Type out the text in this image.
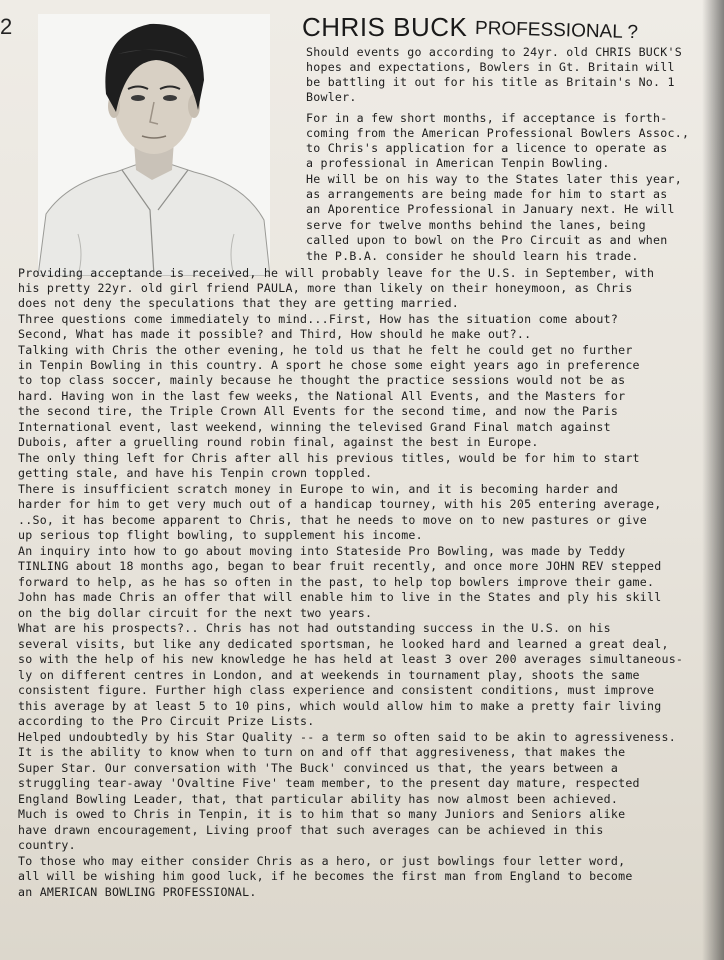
2	CHRIS BUCK PROFESSIONAL ?
Should events go according to 24yr. old CHRIS BUCK'S
hopes and expectations, Bowlers in Gt. Britain will
be battling it out for his title as Britain's No. 1
Bowler.
For in a few short months, if acceptance is forth-
coming from the American Professional Bowlers Assoc.,
to Chris's application for a licence to operate as
a professional in American Tenpin Bowling.
He will be on his way to the States later this year,
as arrangements are being made for him to start as
an Aporentice Professional in January next. He will
serve for twelve months behind the lanes, being
called upon to bowl on the Pro Circuit as and when
the P.B.A. consider he should learn his trade.
Providing acceptance is received, he will probably leave for the U.S. in September, with
his pretty 22yr. old girl friend PAULA, more than likely on their honeymoon, as Chris
does not deny the speculations that they are getting married.
Three questions come immediately to mind...First, How has the situation come about?
Second, What has made it possible? and Third, How should he make out?..
Talking with Chris the other evening, he told us that he felt he could get no further
in Tenpin Bowling in this country. A sport he chose some eight years ago in preference
to top class soccer, mainly because he thought the practice sessions would not be as
hard. Having won in the last few weeks, the National All Events, and the Masters for
the second tire, the Triple Crown All Events for the second time, and now the Paris
International event, last weekend, winning the televised Grand Final match against
Dubois, after a gruelling round robin final, against the best in Europe.
The only thing left for Chris after all his previous titles, would be for him to start
getting stale, and have his Tenpin crown toppled.
There is insufficient scratch money in Europe to win, and it is becoming harder and
harder for him to get very much out of a handicap tourney, with his 205 entering average,
..So, it has become apparent to Chris, that he needs to move on to new pastures or give
up serious top flight bowling, to supplement his income.
An inquiry into how to go about moving into Stateside Pro Bowling, was made by Teddy
TINLING about 18 months ago, began to bear fruit recently, and once more JOHN REV stepped
forward to help, as he has so often in the past, to help top bowlers improve their game.
John has made Chris an offer that will enable him to live in the States and ply his skill
on the big dollar circuit for the next two years.
What are his prospects?.. Chris has not had outstanding success in the U.S. on his
several visits, but like any dedicated sportsman, he looked hard and learned a great deal,
so with the help of his new knowledge he has held at least 3 over 200 averages simultaneous-
ly on different centres in London, and at weekends in tournament play, shoots the same
consistent figure. Further high class experience and consistent conditions, must improve
this average by at least 5 to 10 pins, which would allow him to make a pretty fair living
according to the Pro Circuit Prize Lists.
Helped undoubtedly by his Star Quality -- a term so often said to be akin to agressiveness.
It is the ability to know when to turn on and off that aggresiveness, that makes the
Super Star. Our conversation with 'The Buck' convinced us that, the years between a
struggling tear-away 'Ovaltine Five' team member, to the present day mature, respected
England Bowling Leader, that, that particular ability has now almost been achieved.
Much is owed to Chris in Tenpin, it is to him that so many Juniors and Seniors alike
have drawn encouragement, Living proof that such averages can be achieved in this
country.
To those who may either consider Chris as a hero, or just bowlings four letter word,
all will be wishing him good luck, if he becomes the first man from England to become
an AMERICAN BOWLING PROFESSIONAL.
